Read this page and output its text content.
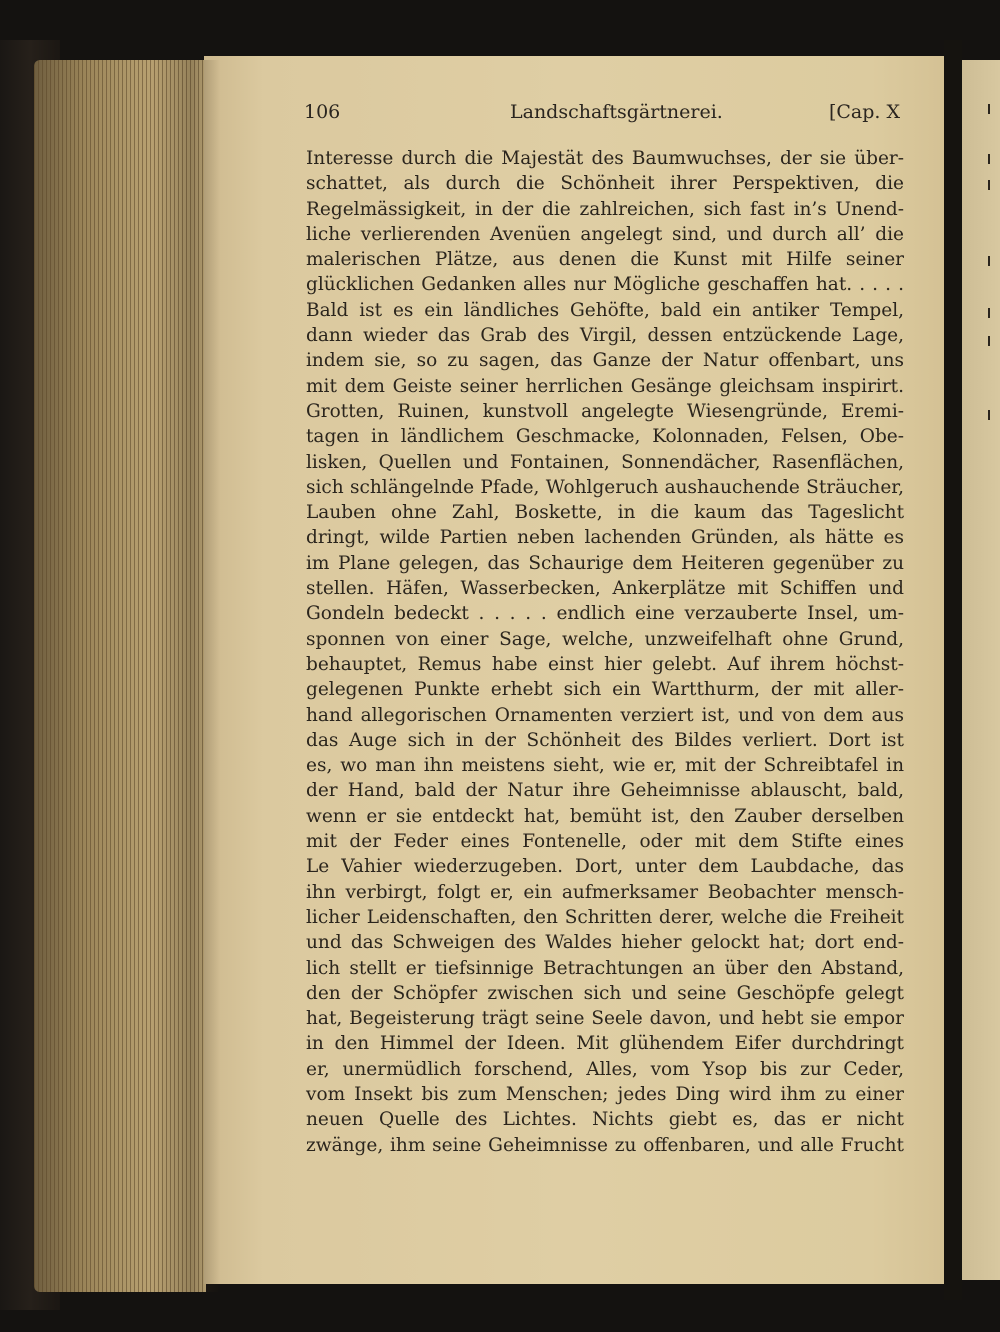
106	Landschaftsgärtnerei.	[Cap. X
Interesse durch die Majestät des Baumwuchses, der sie über-
schattet, als durch die Schönheit ihrer Perspektiven, die
Regelmässigkeit, in der die zahlreichen, sich fast in’s Unend-
liche verlierenden Avenüen angelegt sind, und durch all’ die
malerischen Plätze, aus denen die Kunst mit Hilfe seiner
glücklichen Gedanken alles nur Mögliche geschaffen hat. . . . .
Bald ist es ein ländliches Gehöfte, bald ein antiker Tempel,
dann wieder das Grab des Virgil, dessen entzückende Lage,
indem sie, so zu sagen, das Ganze der Natur offenbart, uns
mit dem Geiste seiner herrlichen Gesänge gleichsam inspirirt.
Grotten, Ruinen, kunstvoll angelegte Wiesengründe, Eremi-
tagen in ländlichem Geschmacke, Kolonnaden, Felsen, Obe-
lisken, Quellen und Fontainen, Sonnendächer, Rasenflächen,
sich schlängelnde Pfade, Wohlgeruch aushauchende Sträucher,
Lauben ohne Zahl, Boskette, in die kaum das Tageslicht
dringt, wilde Partien neben lachenden Gründen, als hätte es
im Plane gelegen, das Schaurige dem Heiteren gegenüber zu
stellen. Häfen, Wasserbecken, Ankerplätze mit Schiffen und
Gondeln bedeckt . . . . . endlich eine verzauberte Insel, um-
sponnen von einer Sage, welche, unzweifelhaft ohne Grund,
behauptet, Remus habe einst hier gelebt. Auf ihrem höchst-
gelegenen Punkte erhebt sich ein Wartthurm, der mit aller-
hand allegorischen Ornamenten verziert ist, und von dem aus
das Auge sich in der Schönheit des Bildes verliert. Dort ist
es, wo man ihn meistens sieht, wie er, mit der Schreibtafel in
der Hand, bald der Natur ihre Geheimnisse ablauscht, bald,
wenn er sie entdeckt hat, bemüht ist, den Zauber derselben
mit der Feder eines Fontenelle, oder mit dem Stifte eines
Le Vahier wiederzugeben. Dort, unter dem Laubdache, das
ihn verbirgt, folgt er, ein aufmerksamer Beobachter mensch-
licher Leidenschaften, den Schritten derer, welche die Freiheit
und das Schweigen des Waldes hieher gelockt hat; dort end-
lich stellt er tiefsinnige Betrachtungen an über den Abstand,
den der Schöpfer zwischen sich und seine Geschöpfe gelegt
hat, Begeisterung trägt seine Seele davon, und hebt sie empor
in den Himmel der Ideen. Mit glühendem Eifer durchdringt
er, unermüdlich forschend, Alles, vom Ysop bis zur Ceder,
vom Insekt bis zum Menschen; jedes Ding wird ihm zu einer
neuen Quelle des Lichtes. Nichts giebt es, das er nicht
zwänge, ihm seine Geheimnisse zu offenbaren, und alle Frucht
